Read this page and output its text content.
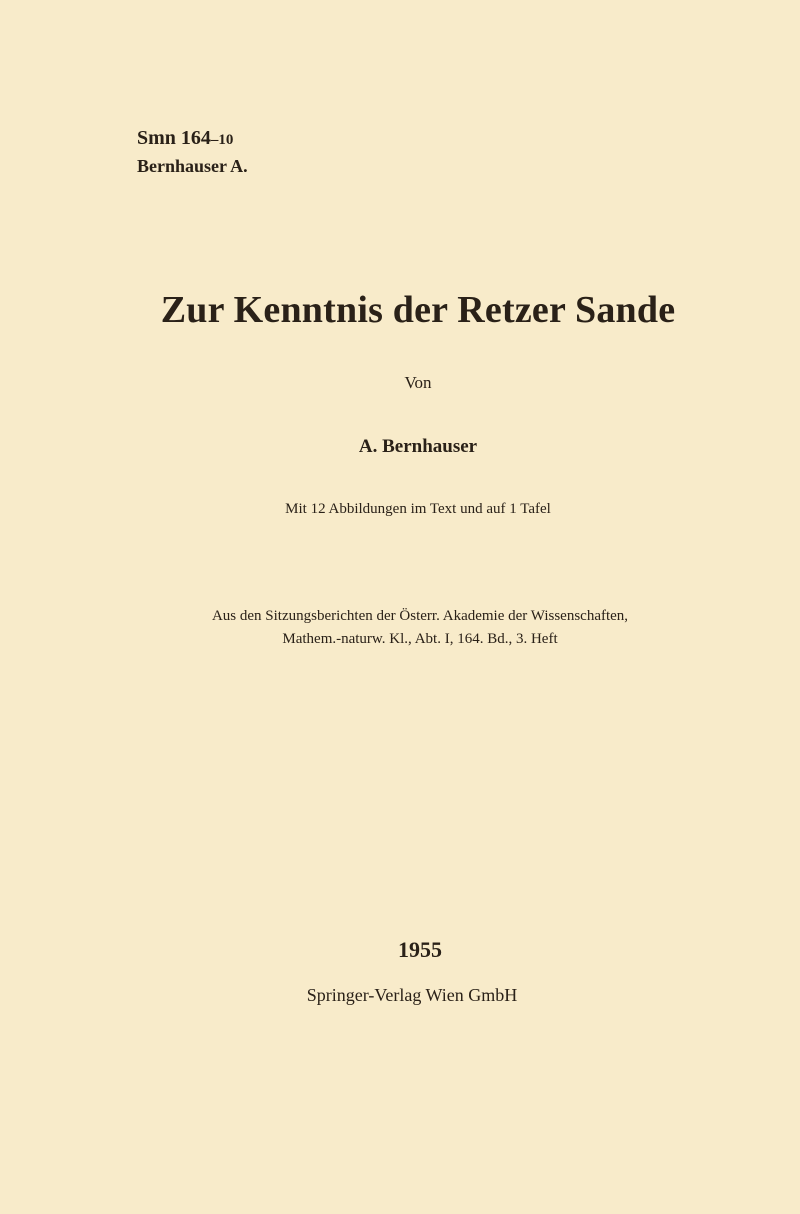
Smn 164–10
Bernhauser A.
Zur Kenntnis der Retzer Sande
Von
A. Bernhauser
Mit 12 Abbildungen im Text und auf 1 Tafel
Aus den Sitzungsberichten der Österr. Akademie der Wissenschaften,
Mathem.-naturw. Kl., Abt. I, 164. Bd., 3. Heft
1955
Springer-Verlag Wien GmbH
